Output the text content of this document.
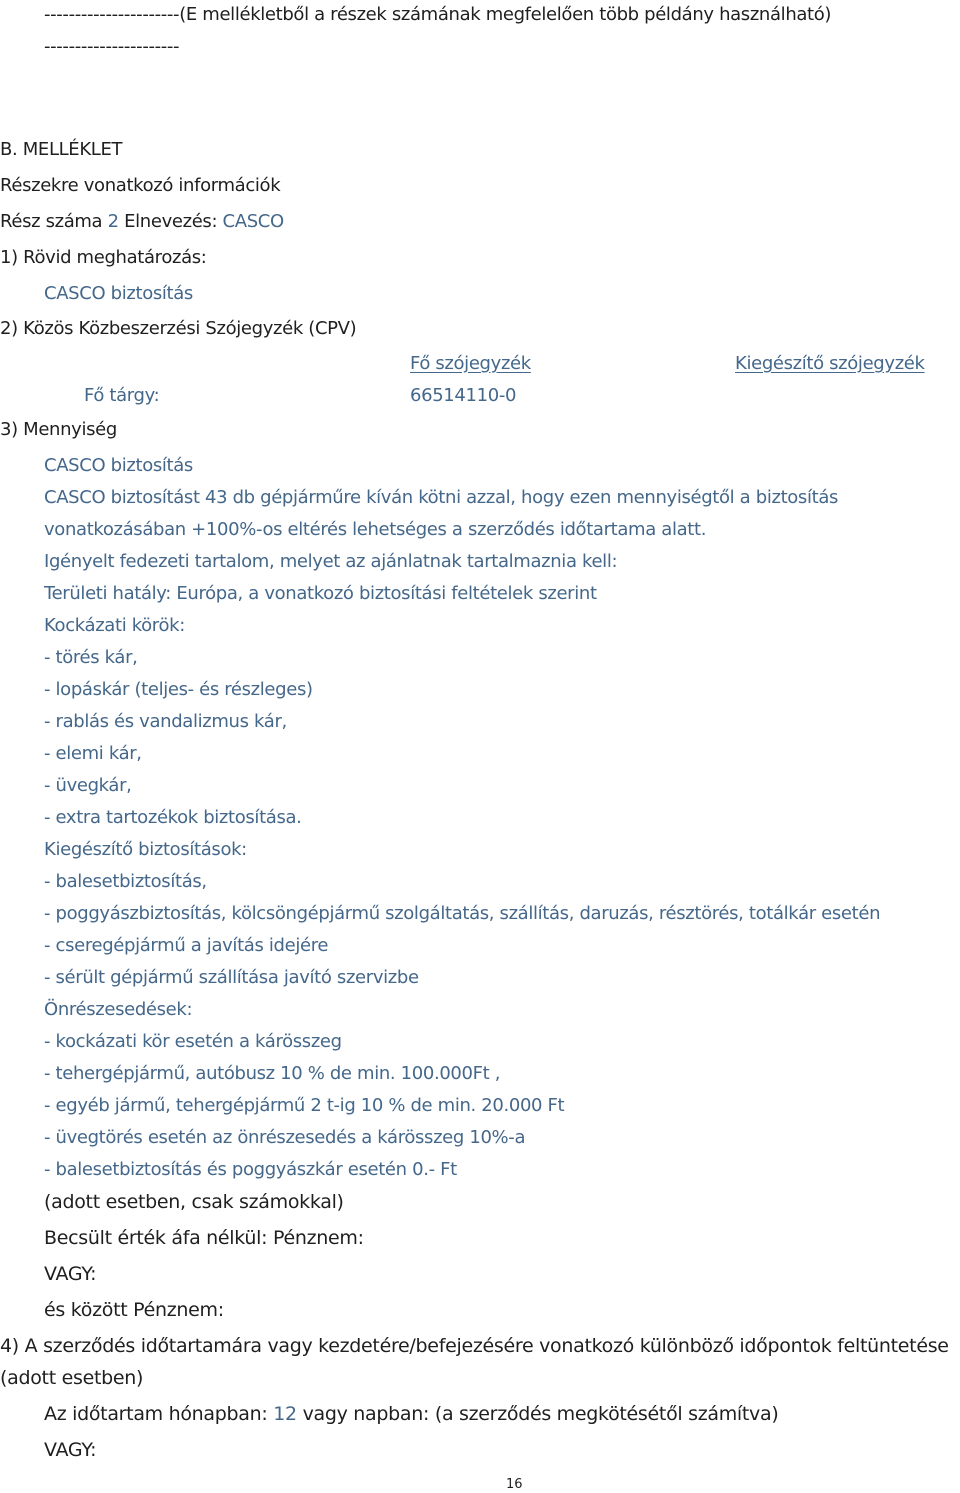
----------------------(E mellékletből a részek számának megfelelően több példány használható)
----------------------
B. MELLÉKLET
Részekre vonatkozó információk
Rész száma 2 Elnevezés: CASCO
1) Rövid meghatározás:
CASCO biztosítás
2) Közös Közbeszerzési Szójegyzék (CPV)
Fő szójegyzék	Kiegészítő szójegyzék
Fő tárgy:	66514110-0
3) Mennyiség
CASCO biztosítás
CASCO biztosítást 43 db gépjárműre kíván kötni azzal, hogy ezen mennyiségtől a biztosítás
vonatkozásában +100%-os eltérés lehetséges a szerződés időtartama alatt.
Igényelt fedezeti tartalom, melyet az ajánlatnak tartalmaznia kell:
Területi hatály: Európa, a vonatkozó biztosítási feltételek szerint
Kockázati körök:
- törés kár,
- lopáskár (teljes- és részleges)
- rablás és vandalizmus kár,
- elemi kár,
- üvegkár,
- extra tartozékok biztosítása.
Kiegészítő biztosítások:
- balesetbiztosítás,
- poggyászbiztosítás, kölcsöngépjármű szolgáltatás, szállítás, daruzás, résztörés, totálkár esetén
- cseregépjármű a javítás idejére
- sérült gépjármű szállítása javító szervizbe
Önrészesedések:
- kockázati kör esetén a kárösszeg
- tehergépjármű, autóbusz 10 % de min. 100.000Ft ,
- egyéb jármű, tehergépjármű 2 t-ig 10 % de min. 20.000 Ft
- üvegtörés esetén az önrészesedés a kárösszeg 10%-a
- balesetbiztosítás és poggyászkár esetén 0.- Ft
(adott esetben, csak számokkal)
Becsült érték áfa nélkül: Pénznem:
VAGY:
és között Pénznem:
4) A szerződés időtartamára vagy kezdetére/befejezésére vonatkozó különböző időpontok feltüntetése
(adott esetben)
Az időtartam hónapban: 12 vagy napban: (a szerződés megkötésétől számítva)
VAGY:
16
